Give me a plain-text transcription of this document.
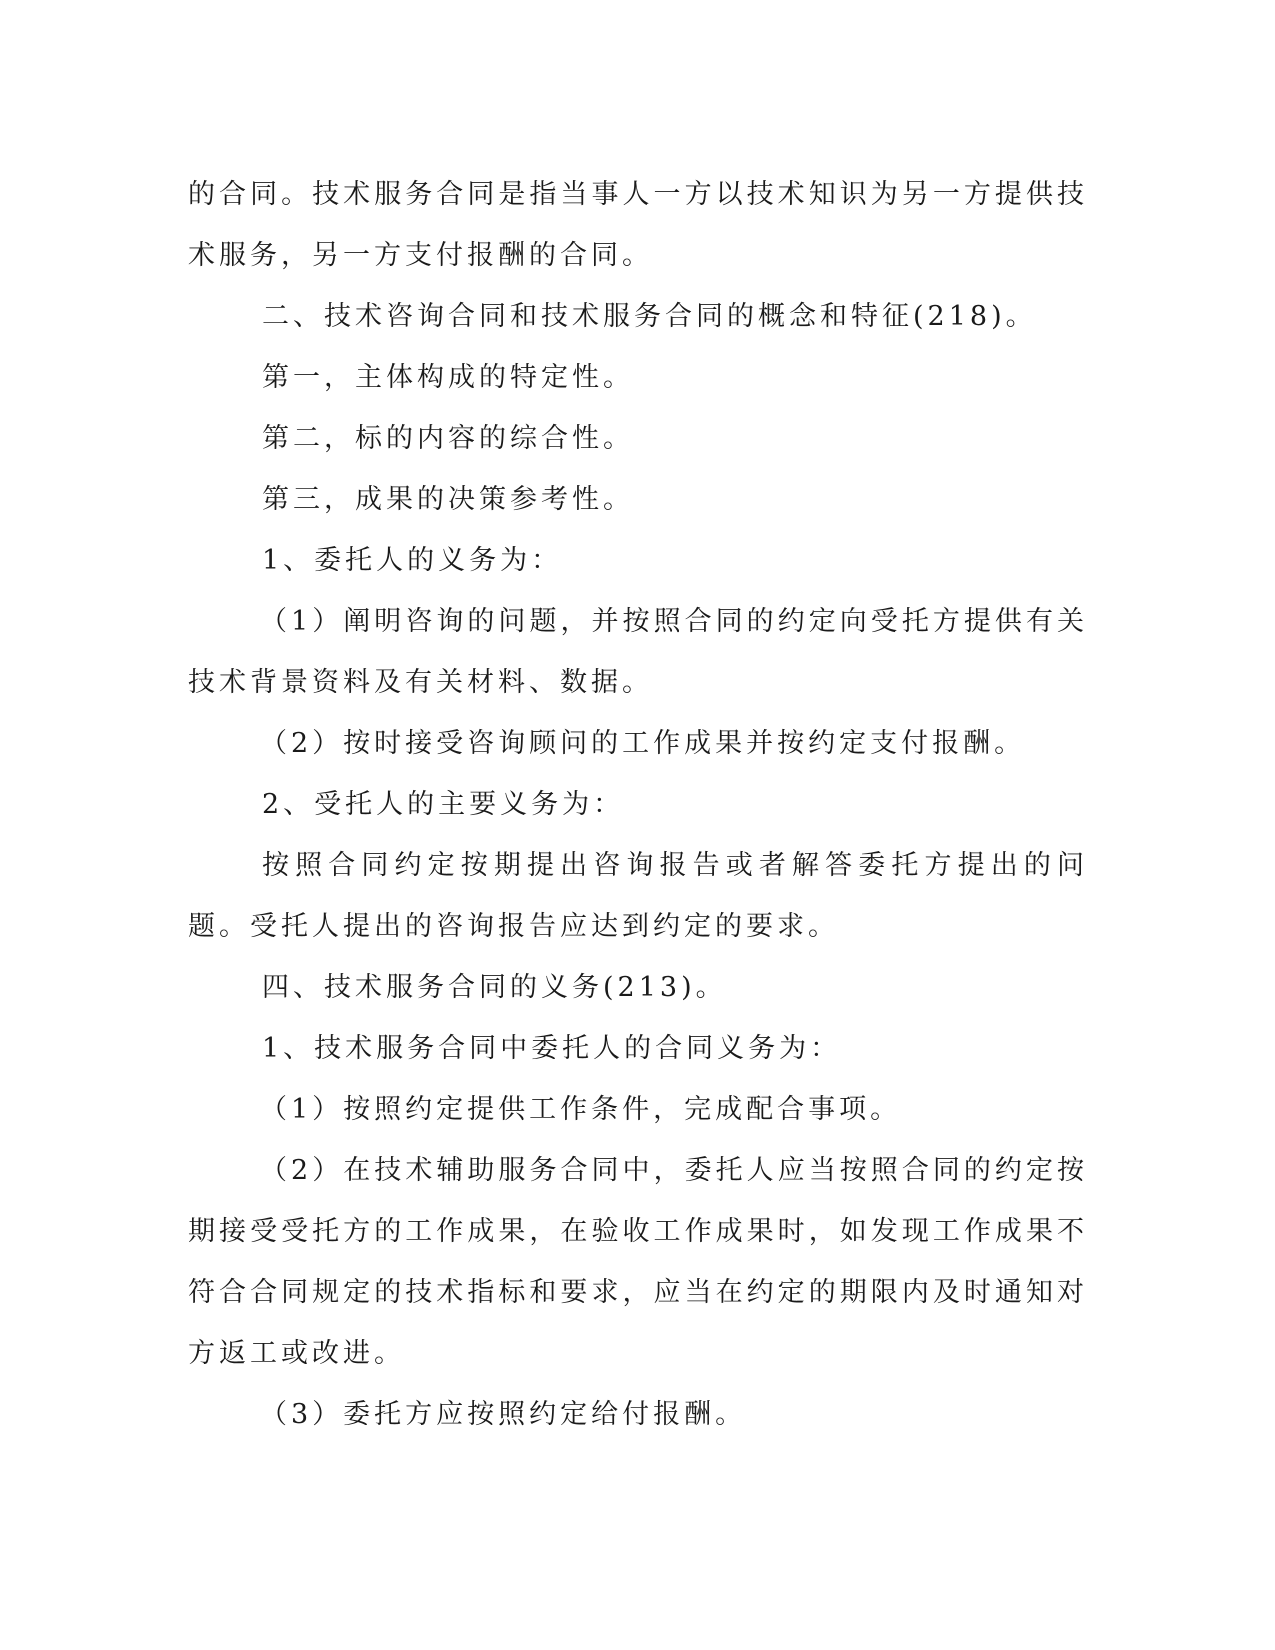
的合同。技术服务合同是指当事人一方以技术知识为另一方提供技术服务，另一方支付报酬的合同。

二、技术咨询合同和技术服务合同的概念和特征(218)。

第一，主体构成的特定性。

第二，标的内容的综合性。

第三，成果的决策参考性。

1、委托人的义务为：

（1）阐明咨询的问题，并按照合同的约定向受托方提供有关技术背景资料及有关材料、数据。

（2）按时接受咨询顾问的工作成果并按约定支付报酬。

2、受托人的主要义务为：

按照合同约定按期提出咨询报告或者解答委托方提出的问题。受托人提出的咨询报告应达到约定的要求。

四、技术服务合同的义务(213)。

1、技术服务合同中委托人的合同义务为：

（1）按照约定提供工作条件，完成配合事项。

（2）在技术辅助服务合同中，委托人应当按照合同的约定按期接受受托方的工作成果，在验收工作成果时，如发现工作成果不符合合同规定的技术指标和要求，应当在约定的期限内及时通知对方返工或改进。

（3）委托方应按照约定给付报酬。
